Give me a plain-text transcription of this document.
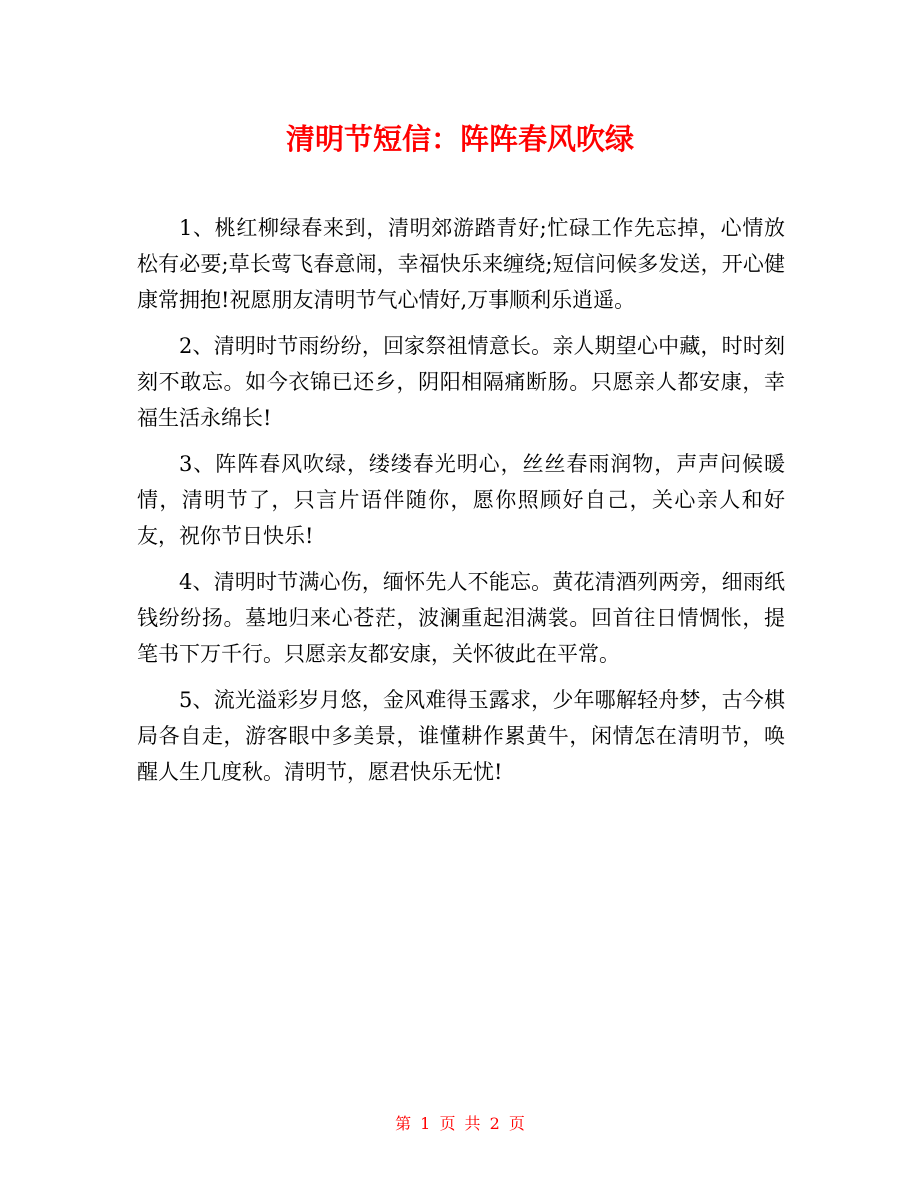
清明节短信：阵阵春风吹绿

1、桃红柳绿春来到，清明郊游踏青好;忙碌工作先忘掉，心情放松有必要;草长莺飞春意闹，幸福快乐来缠绕;短信问候多发送，开心健康常拥抱!祝愿朋友清明节气心情好,万事顺利乐逍遥。

2、清明时节雨纷纷，回家祭祖情意长。亲人期望心中藏，时时刻刻不敢忘。如今衣锦已还乡，阴阳相隔痛断肠。只愿亲人都安康，幸福生活永绵长!

3、阵阵春风吹绿，缕缕春光明心，丝丝春雨润物，声声问候暖情，清明节了，只言片语伴随你，愿你照顾好自己，关心亲人和好友，祝你节日快乐!

4、清明时节满心伤，缅怀先人不能忘。黄花清酒列两旁，细雨纸钱纷纷扬。墓地归来心苍茫，波澜重起泪满裳。回首往日情惆怅，提笔书下万千行。只愿亲友都安康，关怀彼此在平常。

5、流光溢彩岁月悠，金风难得玉露求，少年哪解轻舟梦，古今棋局各自走，游客眼中多美景，谁懂耕作累黄牛，闲情怎在清明节，唤醒人生几度秋。清明节，愿君快乐无忧!

第 1 页 共 2 页
